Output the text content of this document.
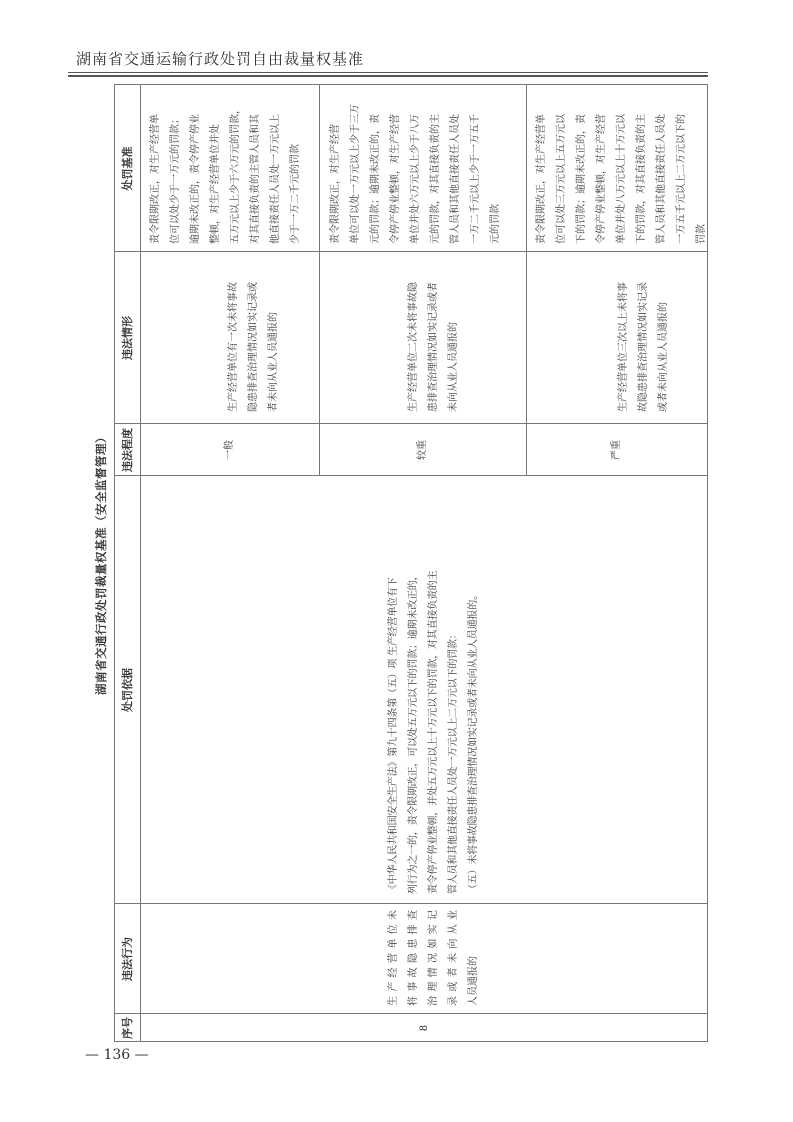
湖南省交通运输行政处罚自由裁量权基准
湖南省交通行政处罚裁量权基准（安全监督管理）
序号
违法行为
处罚依据
违法程度
违法情形
处罚基准
8
生产经营单位未 将事故隐患排查 治理情况如实记 录或者未向从业 人员通报的
《中华人民共和国安全生产法》第九十四条第（五）项 生产经营单位有下 列行为之一的，责令限期改正，可以处五万元以下的罚款；逾期未改正的， 责令停产停业整顿，并处五万元以上十万元以下的罚款，对其直接负责的主 管人员和其他直接责任人员处一万元以上二万元以下的罚款： （五）未将事故隐患排查治理情况如实记录或者未向从业人员通报的。
一般
生产经营单位有一次未将事故 隐患排查治理情况如实记录或 者未向从业人员通报的
责令限期改正，对生产经营单 位可以处少于一万元的罚款； 逾期未改正的，责令停产停业 整顿，对生产经营单位并处 五万元以上少于六万元的罚款， 对其直接负责的主管人员和其 他直接责任人员处一万元以上 少于一万二千元的罚款
较重
生产经营单位二次未将事故隐 患排查治理情况如实记录或者 未向从业人员通报的
责令限期改正，对生产经营 单位可以处一万元以上少于三万 元的罚款；逾期未改正的，责 令停产停业整顿，对生产经营 单位并处六万元以上少于八万 元的罚款，对其直接负责的主 管人员和其他直接责任人员处 一万二千元以上少于一万五千 元的罚款
严重
生产经营单位三次以上未将事 故隐患排查治理情况如实记录 或者未向从业人员通报的
责令限期改正，对生产经营单 位可以处三万元以上五万元以 下的罚款；逾期未改正的，责 令停产停业整顿，对生产经营 单位并处八万元以上十万元以 下的罚款，对其直接负责的主 管人员和其他直接责任人员处 一万五千元以上二万元以下的 罚款
— 136 —
